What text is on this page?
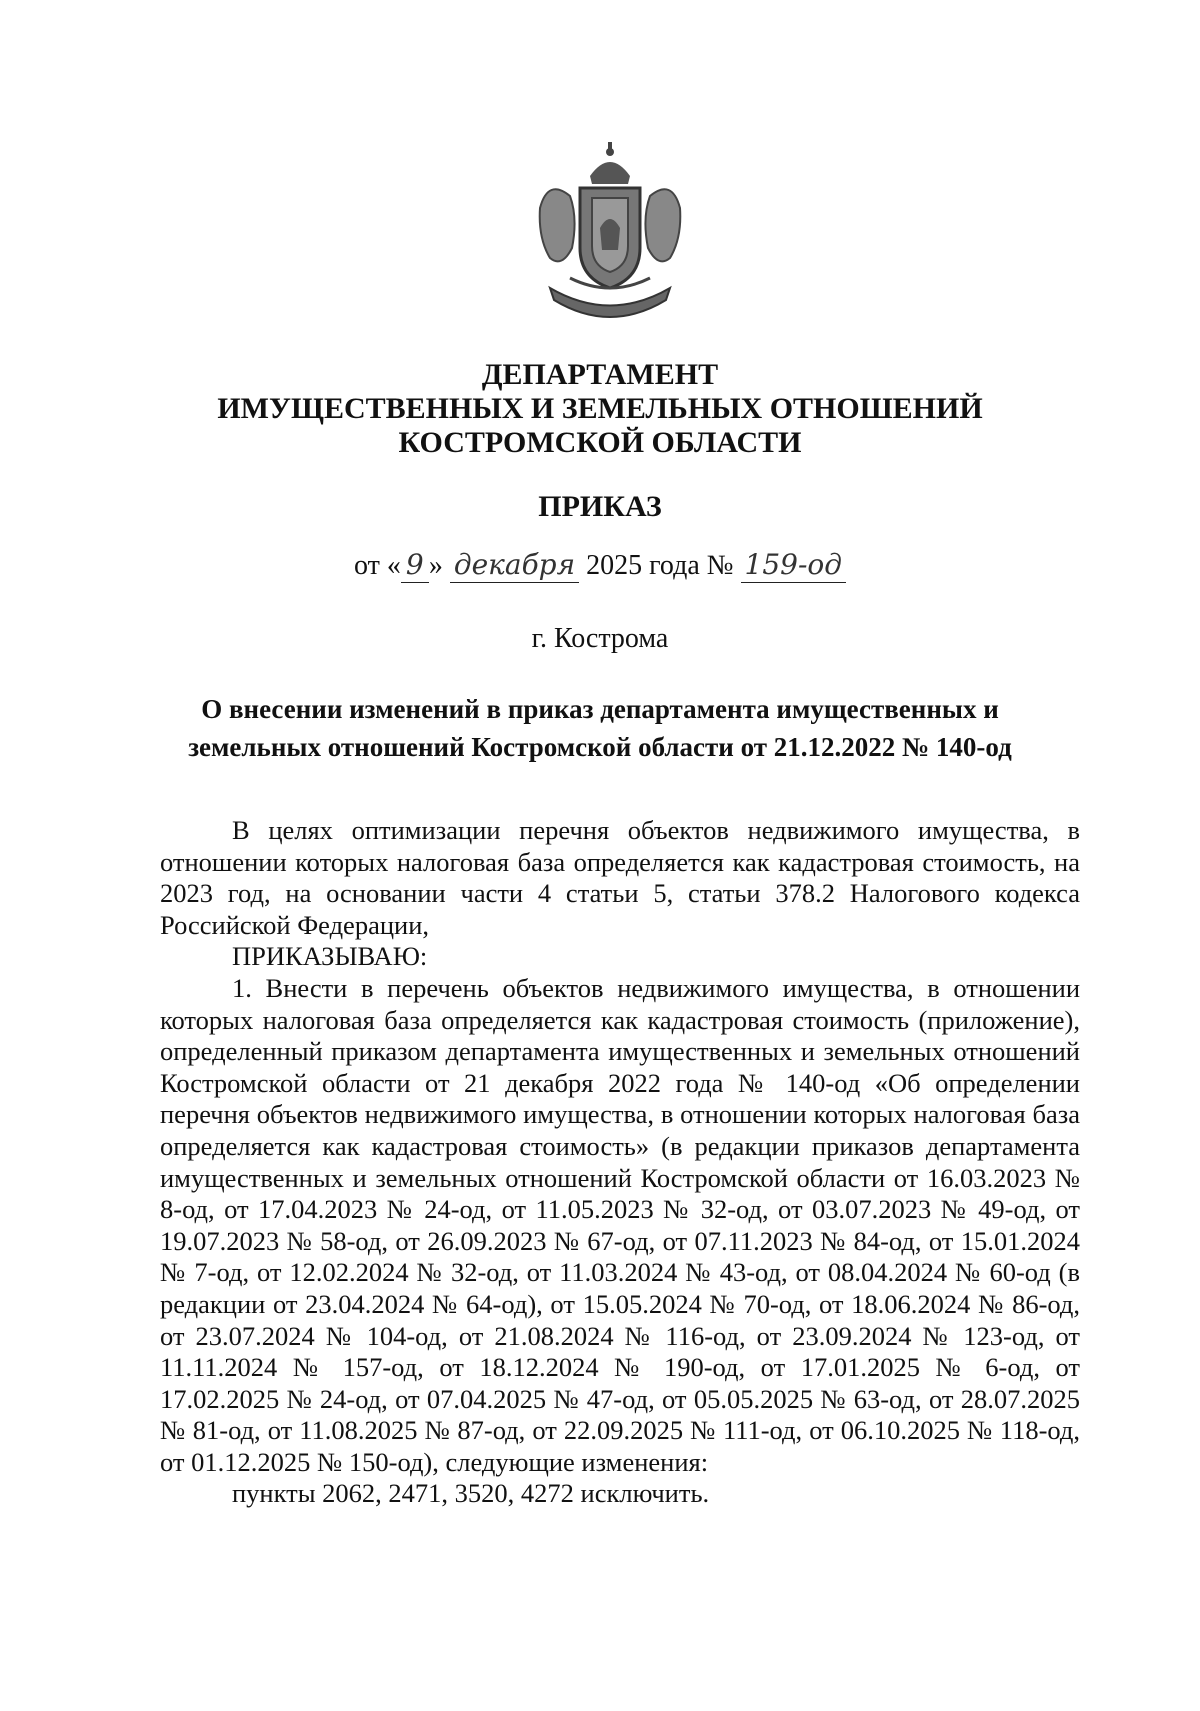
ДЕПАРТАМЕНТ
ИМУЩЕСТВЕННЫХ И ЗЕМЕЛЬНЫХ ОТНОШЕНИЙ
КОСТРОМСКОЙ ОБЛАСТИ
ПРИКАЗ
от « 9 » декабря 2025 года № 159-од
г. Кострома
О внесении изменений в приказ департамента имущественных и
земельных отношений Костромской области от 21.12.2022 № 140-од

В целях оптимизации перечня объектов недвижимого имущества, в отношении которых налоговая база определяется как кадастровая стоимость, на 2023 год, на основании части 4 статьи 5, статьи 378.2 Налогового кодекса Российской Федерации,

ПРИКАЗЫВАЮ:

1. Внести в перечень объектов недвижимого имущества, в отношении которых налоговая база определяется как кадастровая стоимость (приложение), определенный приказом департамента имущественных и земельных отношений Костромской области от 21 декабря 2022 года № 140-од «Об определении перечня объектов недвижимого имущества, в отношении которых налоговая база определяется как кадастровая стоимость» (в редакции приказов департамента имущественных и земельных отношений Костромской области от 16.03.2023 № 8-од, от 17.04.2023 № 24-од, от 11.05.2023 № 32-од, от 03.07.2023 № 49-од, от 19.07.2023 № 58-од, от 26.09.2023 № 67-од, от 07.11.2023 № 84-од, от 15.01.2024 № 7-од, от 12.02.2024 № 32-од, от 11.03.2024 № 43-од, от 08.04.2024 № 60-од (в редакции от 23.04.2024 № 64-од), от 15.05.2024 № 70-од, от 18.06.2024 № 86-од, от 23.07.2024 № 104-од, от 21.08.2024 № 116-од, от 23.09.2024 № 123-од, от 11.11.2024 № 157-од, от 18.12.2024 № 190-од, от 17.01.2025 № 6-од, от 17.02.2025 № 24-од, от 07.04.2025 № 47-од, от 05.05.2025 № 63-од, от 28.07.2025 № 81-од, от 11.08.2025 № 87-од, от 22.09.2025 № 111-од, от 06.10.2025 № 118-од, от 01.12.2025 № 150-од), следующие изменения:

пункты 2062, 2471, 3520, 4272 исключить.
